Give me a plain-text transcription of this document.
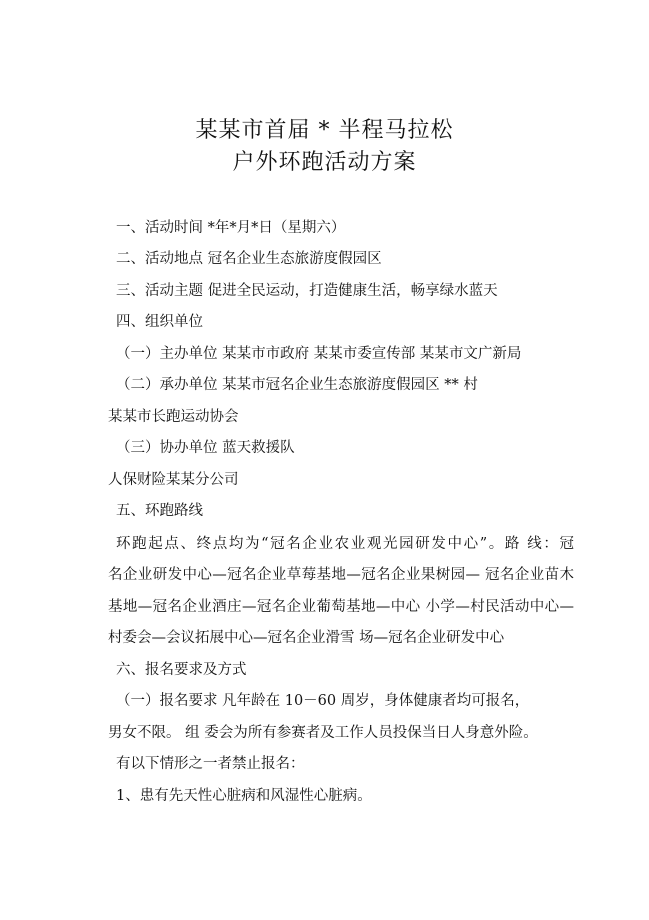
某某市首届 * 半程马拉松
户外环跑活动方案
一、活动时间 *年*月*日（星期六）
二、活动地点 冠名企业生态旅游度假园区
三、活动主题 促进全民运动，打造健康生活，畅享绿水蓝天
四、组织单位
（一）主办单位 某某市市政府 某某市委宣传部 某某市文广新局
（二）承办单位 某某市冠名企业生态旅游度假园区 ** 村
某某市长跑运动协会
（三）协办单位 蓝天救援队
人保财险某某分公司
五、环跑路线
环跑起点、终点均为“冠名企业农业观光园研发中心”。路 线：冠
名企业研发中心—冠名企业草莓基地—冠名企业果树园— 冠名企业苗木
基地—冠名企业酒庄—冠名企业葡萄基地—中心 小学—村民活动中心—
村委会—会议拓展中心—冠名企业滑雪 场—冠名企业研发中心
六、报名要求及方式
（一）报名要求 凡年龄在 10－60 周岁，身体健康者均可报名，
男女不限。 组 委会为所有参赛者及工作人员投保当日人身意外险。
有以下情形之一者禁止报名：
1、患有先天性心脏病和风湿性心脏病。
